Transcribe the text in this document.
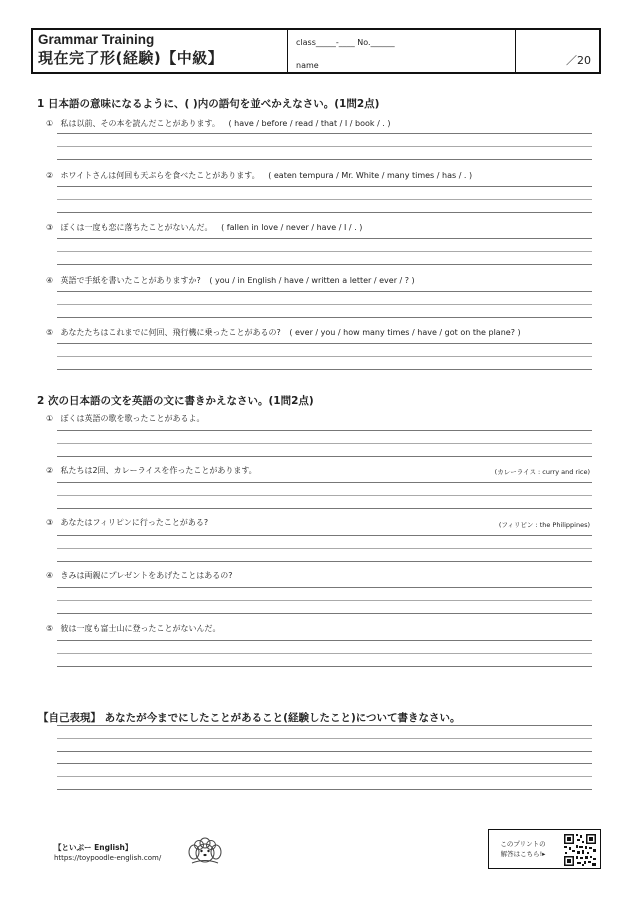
Grammar Training
現在完了形(経験)【中級】
class_____-____ No.______
name	／20
1 日本語の意味になるように、( )内の語句を並べかえなさい。(1問2点)
① 私は以前、その本を読んだことがあります。 ( have / before / read / that / I / book / . )
② ホワイトさんは何回も天ぷらを食べたことがあります。 ( eaten tempura / Mr. White / many times / has / . )
③ ぼくは一度も恋に落ちたことがないんだ。 ( fallen in love / never / have / I / . )
④ 英語で手紙を書いたことがありますか? ( you / in English / have / written a letter / ever / ? )
⑤ あなたたちはこれまでに何回、飛行機に乗ったことがあるの? ( ever / you / how many times / have / got on the plane? )
2 次の日本語の文を英語の文に書きかえなさい。(1問2点)
① ぼくは英語の歌を歌ったことがあるよ。
② 私たちは2回、カレーライスを作ったことがあります。	(カレーライス : curry and rice)
③ あなたはフィリピンに行ったことがある?	(フィリピン : the Philippines)
④ きみは両親にプレゼントをあげたことはあるの?
⑤ 彼は一度も富士山に登ったことがないんだ。
【自己表現】 あなたが今までにしたことがあること(経験したこと)について書きなさい。
【といぷー English】
https://toypoodle-english.com/
このプリントの
解答はこちら!▸
